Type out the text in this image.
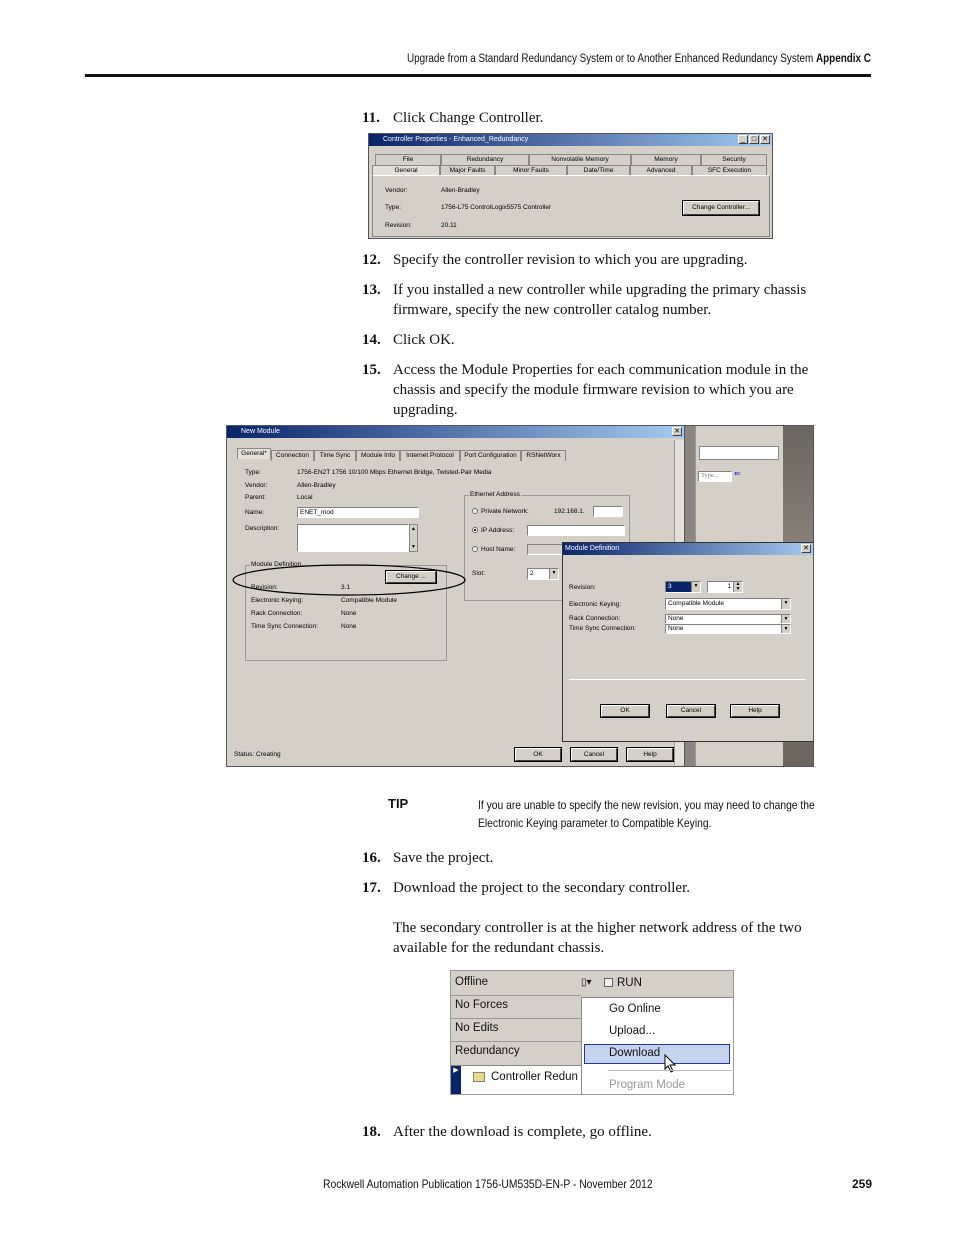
Upgrade from a Standard Redundancy System or to Another Enhanced Redundancy System Appendix C
11. Click Change Controller.
Controller Properties - Enhanced_Redundancy	_ □ ✕
File	Redundancy	Nonvolatile Memory	Memory	Security
General	Major Faults	Minor Faults	Date/Time	Advanced	SFC Execution
Vendor:	Allen-Bradley
Type:	1756-L75 ControlLogix5575 Controller
Revision:	20.11
Change Controller...
12. Specify the controller revision to which you are upgrading.
13. If you installed a new controller while upgrading the primary chassis firmware, specify the new controller catalog number.
14. Click OK.
15. Access the Module Properties for each communication module in the chassis and specify the module firmware revision to which you are upgrading.
Type...	⇐
New Module	✕
General*	Connection	Time Sync	Module Info	Internet Protocol	Port Configuration	RSNetWorx
Type:	1756-EN2T 1756 10/100 Mbps Ethernet Bridge, Twisted-Pair Media
Vendor:	Allen-Bradley
Parent:	Local
Name:	ENET_mod
Description:	▲

▼
Ethernet Address
Private Network:	192.168.1.
IP Address:
Host Name:
Slot:	2	▼
Module Definition
Change ...
Revision:	3.1
Electronic Keying:	Compatible Module
Rack Connection:	None
Time Sync Connection:	None
Status: Creating	OK	Cancel	Help
Module Definition	✕
Revision:	3	▼	1 ▲
▼
Electronic Keying:	Compatible Module	▼
Rack Connection:	None	▼
Time Sync Connection:	None	▼
OK	Cancel	Help
TIP	If you are unable to specify the new revision, you may need to change the Electronic Keying parameter to Compatible Keying.
16. Save the project.
17. Download the project to the secondary controller.
The secondary controller is at the higher network address of the two available for the redundant chassis.
Offline	▯▾
No Forces
No Edits
Redundancy
▶
Controller Redun
RUN
Go Online
Upload...
Download
Program Mode
18. After the download is complete, go offline.
Rockwell Automation Publication 1756-UM535D-EN-P - November 2012	259
